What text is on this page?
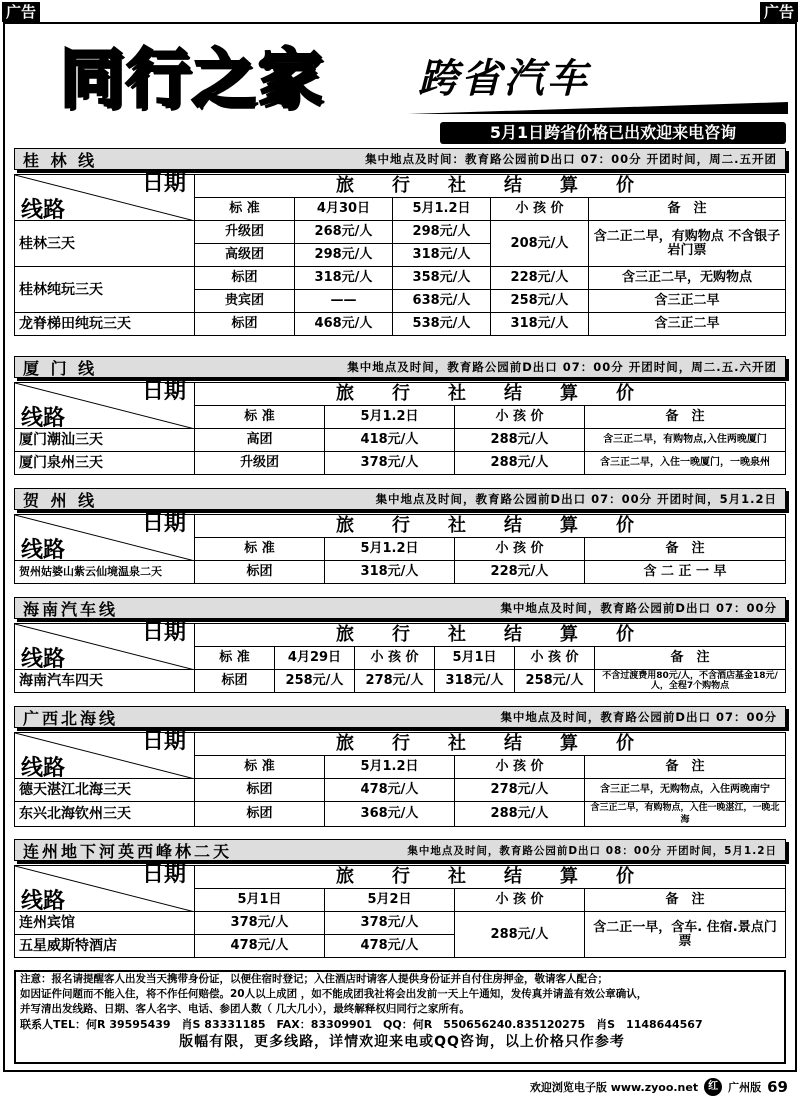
广告	广告
同行之家 跨省汽车
5月1日跨省价格已出欢迎来电咨询
桂 林 线	集中地点及时间：教育路公园前D出口 07：00分 开团时间，周二.五开团
日期
线路	旅　行　社　结　算　价				
	标 准	4月30日	5月1.2日	小 孩 价	备　注
桂林三天	升级团	268元/人	298元/人	208元/人	含二正二早，有购物点 不含银子岩门票
	高级团	298元/人	318元/人		
桂林纯玩三天	标团	318元/人	358元/人	228元/人	含三正二早，无购物点
	贵宾团	——	638元/人	258元/人	含三正二早
龙脊梯田纯玩三天	标团	468元/人	538元/人	318元/人	含三正二早
厦 门 线	集中地点及时间，教育路公园前D出口 07：00分 开团时间，周二.五.六开团
日期
线路	旅　行　社　结　算　价			
	标 准	5月1.2日	小 孩 价	备　注
厦门潮汕三天	高团	418元/人	288元/人	含三正二早，有购物点,入住两晚厦门
厦门泉州三天	升级团	378元/人	288元/人	含三正二早，入住一晚厦门，一晚泉州
贺 州 线	集中地点及时间，教育路公园前D出口 07：00分 开团时间，5月1.2日
日期
线路	旅　行　社　结　算　价			
	标 准	5月1.2日	小 孩 价	备　注
贺州姑婆山紫云仙境温泉二天	标团	318元/人	228元/人	含 二 正 一 早
海南汽车线	集中地点及时间，教育路公园前D出口 07：00分
日期
线路	旅　行　社　结　算　价					
	标 准	4月29日	小 孩 价	5月1日	小 孩 价	备　注
海南汽车四天	标团	258元/人	278元/人	318元/人	258元/人	不含过渡费用80元/人，不含酒店基金18元/人，全程7个购物点
广西北海线	集中地点及时间，教育路公园前D出口 07：00分
日期
线路	旅　行　社　结　算　价			
	标 准	5月1.2日	小 孩 价	备　注
德天湛江北海三天	标团	478元/人	278元/人	含三正二早，无购物点，入住两晚南宁
东兴北海钦州三天	标团	368元/人	288元/人	含三正二早，有购物点，入住一晚湛江，一晚北海
连州地下河英西峰林二天	集中地点及时间，教育路公园前D出口 08：00分 开团时间，5月1.2日
日期
线路	旅　行　社　结　算　价			
	5月1日	5月2日	小 孩 价	备　注
连州宾馆	378元/人	378元/人	288元/人	含二正一早，含车. 住宿.景点门票
五星威斯特酒店	478元/人	478元/人		

注意：报名请提醒客人出发当天携带身份证，以便住宿时登记；入住酒店时请客人提供身份证并自付住房押金，敬请客人配合；

如因证件问题而不能入住，将不作任何赔偿。20人以上成团 ，如不能成团我社将会出发前一天上午通知，发传真并请盖有效公章确认，

并写清出发线路、日期、客人名字、电话、参团人数（ 几大几小），最终解释权归同行之家所有。

联系人TEL：何R 39595439　肖S 83331185　FAX：83309901　QQ：何R　550656240.835120275　肖S　1148644567

版幅有限，更多线路，详情欢迎来电或QQ咨询，以上价格只作参考

欢迎浏览电子版 www.zyoo.net	红 广州版 69
